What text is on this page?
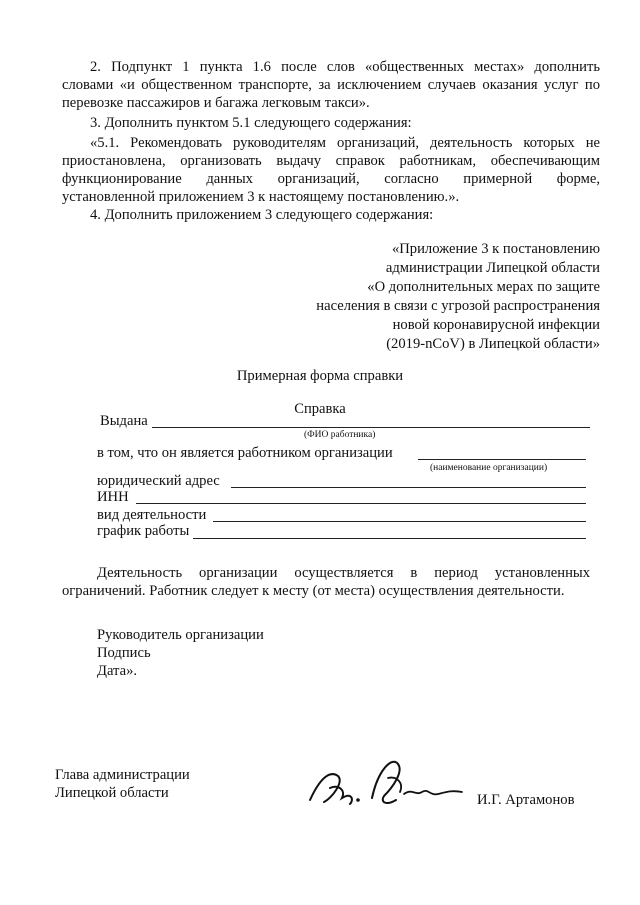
2. Подпункт 1 пункта 1.6 после слов «общественных местах» дополнить
словами «и общественном транспорте, за исключением случаев оказания услуг по
перевозке пассажиров и багажа легковым такси».
3. Дополнить пунктом 5.1 следующего содержания:
«5.1. Рекомендовать руководителям организаций, деятельность которых не
приостановлена, организовать выдачу справок работникам, обеспечивающим
функционирование данных организаций, согласно примерной форме,
установленной приложением 3 к настоящему постановлению.».
4. Дополнить приложением 3 следующего содержания:
«Приложение 3 к постановлению
администрации Липецкой области
«О дополнительных мерах по защите
населения в связи с угрозой распространения
новой коронавирусной инфекции
(2019-nCoV) в Липецкой области»
Примерная форма справки
Справка
Выдана
(ФИО работника)
в том, что он является работником организации
(наименование организации)
юридический адрес
ИНН
вид деятельности
график работы
Деятельность организации осуществляется в период установленных
ограничений. Работник следует к месту (от места) осуществления деятельности.
Руководитель организации
Подпись
Дата».
Глава администрации
Липецкой области	И.Г. Артамонов
